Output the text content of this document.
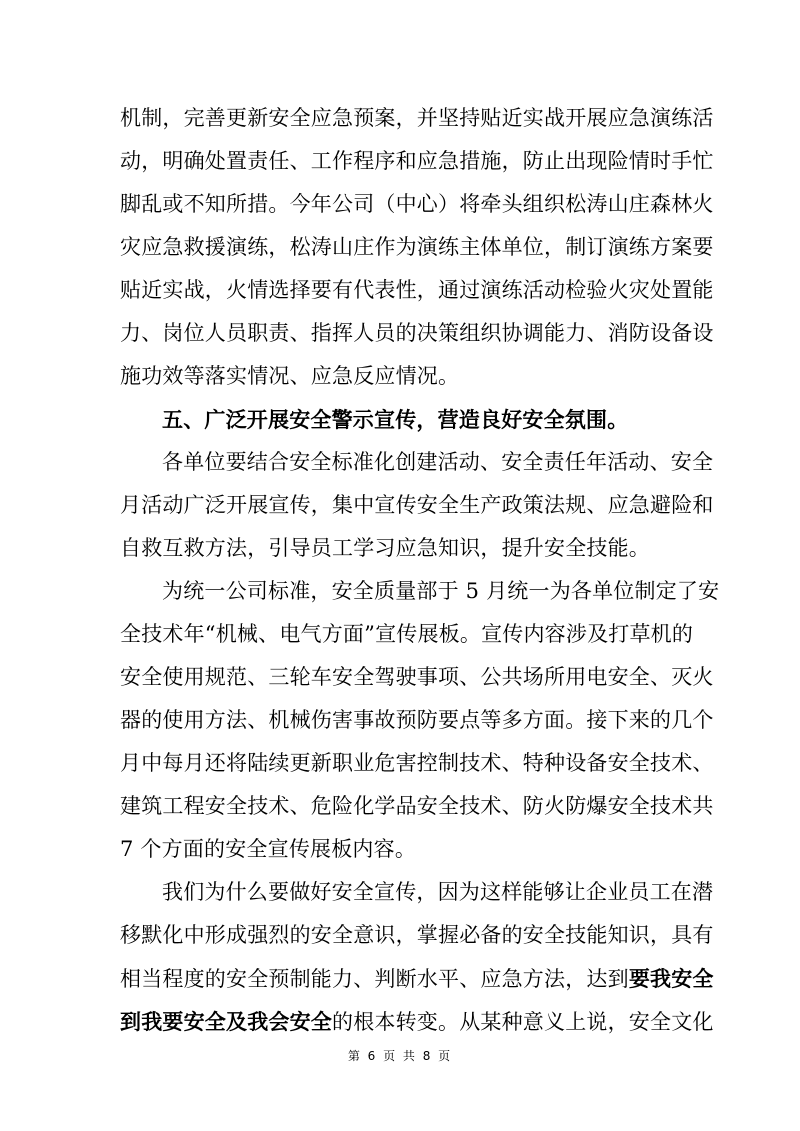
机制，完善更新安全应急预案，并坚持贴近实战开展应急演练活
动，明确处置责任、工作程序和应急措施，防止出现险情时手忙
脚乱或不知所措。今年公司（中心）将牵头组织松涛山庄森林火
灾应急救援演练，松涛山庄作为演练主体单位，制订演练方案要
贴近实战，火情选择要有代表性，通过演练活动检验火灾处置能
力、岗位人员职责、指挥人员的决策组织协调能力、消防设备设
施功效等落实情况、应急反应情况。
五、广泛开展安全警示宣传，营造良好安全氛围。
各单位要结合安全标准化创建活动、安全责任年活动、安全
月活动广泛开展宣传，集中宣传安全生产政策法规、应急避险和
自救互救方法，引导员工学习应急知识，提升安全技能。
为统一公司标准，安全质量部于 5 月统一为各单位制定了安
全技术年“机械、电气方面”宣传展板。宣传内容涉及打草机的
安全使用规范、三轮车安全驾驶事项、公共场所用电安全、灭火
器的使用方法、机械伤害事故预防要点等多方面。接下来的几个
月中每月还将陆续更新职业危害控制技术、特种设备安全技术、
建筑工程安全技术、危险化学品安全技术、防火防爆安全技术共
7 个方面的安全宣传展板内容。
我们为什么要做好安全宣传，因为这样能够让企业员工在潜
移默化中形成强烈的安全意识，掌握必备的安全技能知识，具有
相当程度的安全预制能力、判断水平、应急方法，达到要我安全
到我要安全及我会安全的根本转变。从某种意义上说，安全文化
第 6 页 共 8 页
